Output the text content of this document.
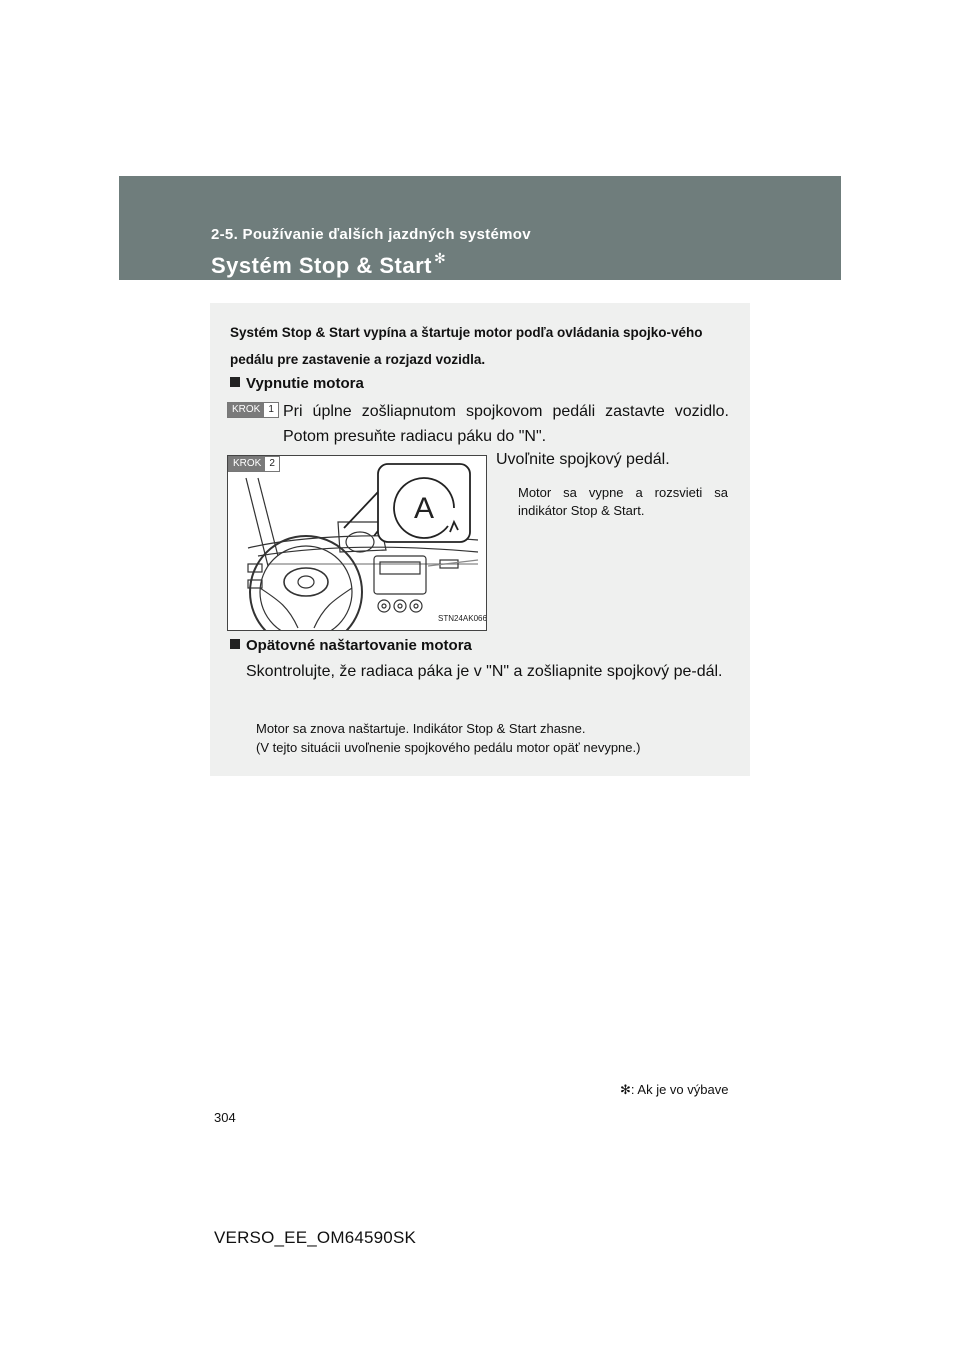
2-5. Používanie ďalších jazdných systémov
Systém Stop & Start ✻
Systém Stop & Start vypína a štartuje motor podľa ovládania spojko-vého pedálu pre zastavenie a rozjazd vozidla.
Vypnutie motora
KROK 1 Pri úplne zošliapnutom spojkovom pedáli zastavte vozidlo. Potom presuňte radiacu páku do "N".
KROK 2
A
STN24AK066
Uvoľnite spojkový pedál.
Motor sa vypne a rozsvieti sa indikátor Stop & Start.
Opätovné naštartovanie motora
Skontrolujte, že radiaca páka je v "N" a zošliapnite spojkový pe-dál.
Motor sa znova naštartuje. Indikátor Stop & Start zhasne.
(V tejto situácii uvoľnenie spojkového pedálu motor opäť nevypne.)
✻: Ak je vo výbave
304
VERSO_EE_OM64590SK
